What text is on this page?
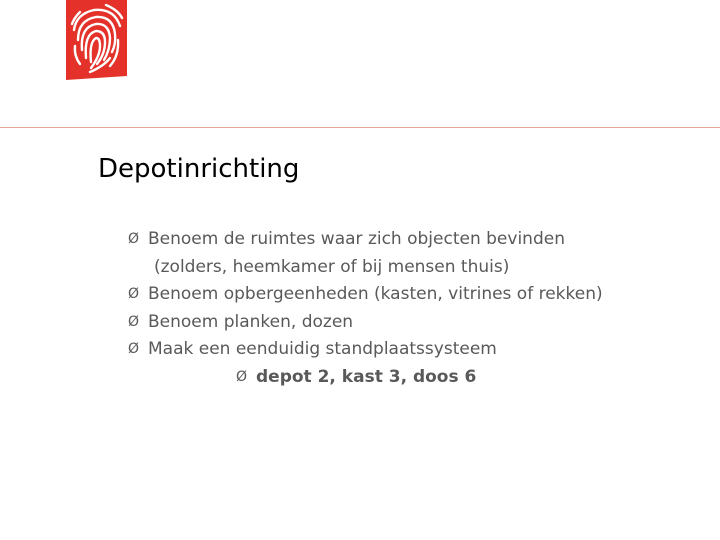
Depotinrichting
Ø Benoem de ruimtes waar zich objecten bevinden
(zolders, heemkamer of bij mensen thuis)
Ø Benoem opbergeenheden (kasten, vitrines of rekken)
Ø Benoem planken, dozen
Ø Maak een eenduidig standplaatssysteem
Ø depot 2, kast 3, doos 6
